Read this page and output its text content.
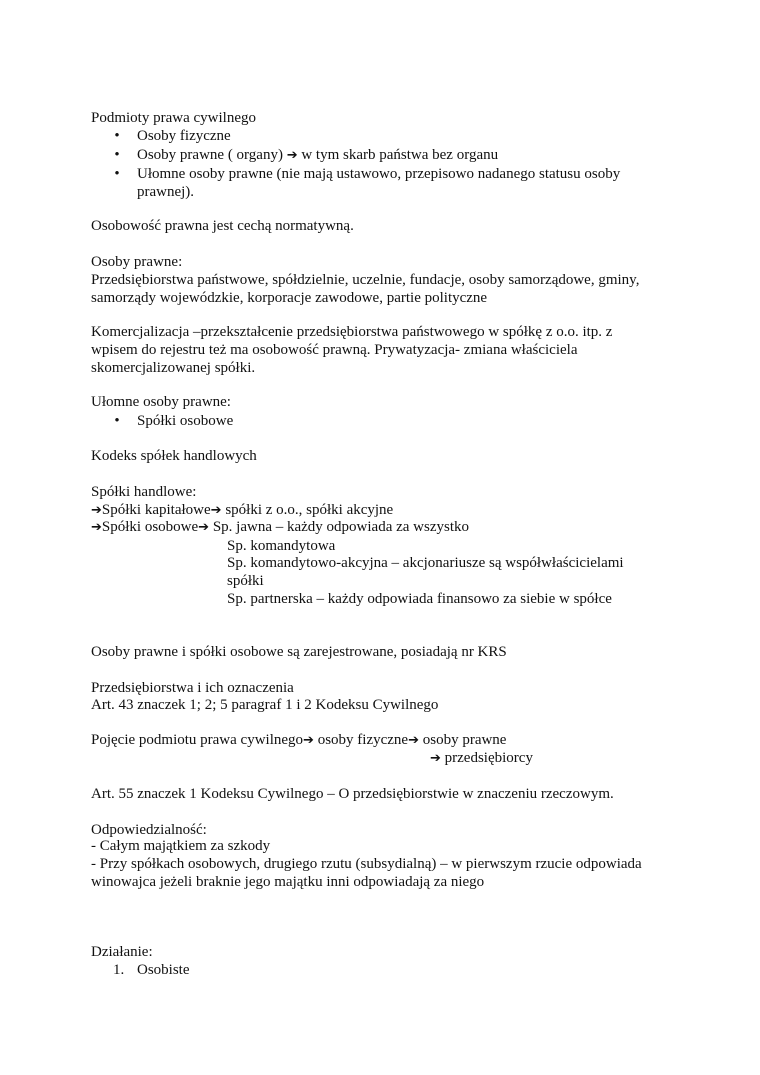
Podmioty prawa cywilnego
• Osoby fizyczne
• Osoby prawne ( organy) ➔ w tym skarb państwa bez organu
• Ułomne osoby prawne (nie mają ustawowo, przepisowo nadanego statusu osoby
prawnej).
Osobowość prawna jest cechą normatywną.
Osoby prawne:
Przedsiębiorstwa państwowe, spółdzielnie, uczelnie, fundacje, osoby samorządowe, gminy,
samorządy wojewódzkie, korporacje zawodowe, partie polityczne
Komercjalizacja –przekształcenie przedsiębiorstwa państwowego w spółkę z o.o. itp. z
wpisem do rejestru też ma osobowość prawną. Prywatyzacja- zmiana właściciela
skomercjalizowanej spółki.
Ułomne osoby prawne:
• Spółki osobowe
Kodeks spółek handlowych
Spółki handlowe:
➔Spółki kapitałowe➔ spółki z o.o., spółki akcyjne
➔Spółki osobowe➔ Sp. jawna – każdy odpowiada za wszystko
Sp. komandytowa
Sp. komandytowo-akcyjna – akcjonariusze są współwłaścicielami
spółki
Sp. partnerska – każdy odpowiada finansowo za siebie w spółce
Osoby prawne i spółki osobowe są zarejestrowane, posiadają nr KRS
Przedsiębiorstwa i ich oznaczenia
Art. 43 znaczek 1; 2; 5 paragraf 1 i 2 Kodeksu Cywilnego
Pojęcie podmiotu prawa cywilnego➔ osoby fizyczne➔ osoby prawne
➔ przedsiębiorcy
Art. 55 znaczek 1 Kodeksu Cywilnego – O przedsiębiorstwie w znaczeniu rzeczowym.
Odpowiedzialność:
- Całym majątkiem za szkody
- Przy spółkach osobowych, drugiego rzutu (subsydialną) – w pierwszym rzucie odpowiada
winowajca jeżeli braknie jego majątku inni odpowiadają za niego
Działanie:
1. Osobiste
